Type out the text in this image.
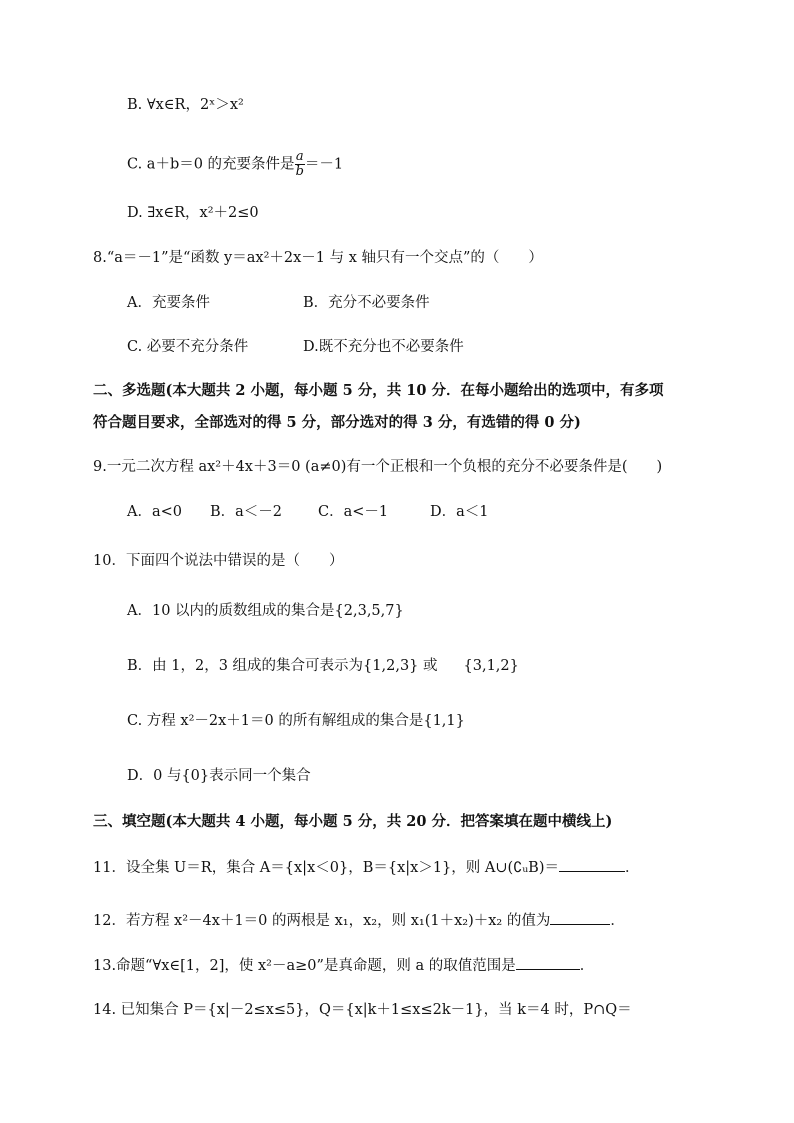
B. ∀x∈R，2ˣ＞x²
C. a＋b＝0 的充要条件是 $\frac{a}{b} =-1$
D. ∃x∈R，x²＋2≤0
8.“a＝－1”是“函数 y＝ax²＋2x－1 与 x 轴只有一个交点”的（　　）
A．充要条件	B．充分不必要条件
C. 必要不充分条件	D.既不充分也不必要条件
二、多选题(本大题共 2 小题，每小题 5 分，共 10 分．在每小题给出的选项中，有多项
符合题目要求，全部选对的得 5 分，部分选对的得 3 分，有选错的得 0 分)
9.一元二次方程 ax²＋4x＋3＝0 (a≠0)有一个正根和一个负根的充分不必要条件是(　　)
A．a<0 B．a＜－2 C．a<－1	D．a＜1
10．下面四个说法中错误的是（　　）
A．10 以内的质数组成的集合是{2,3,5,7}
B．由 1，2，3 组成的集合可表示为{1,2,3} 或 {3,1,2}
C. 方程 x²－2x＋1＝0 的所有解组成的集合是{1,1}
D．0 与{0}表示同一个集合
三、填空题(本大题共 4 小题，每小题 5 分，共 20 分．把答案填在题中横线上)
11．设全集 U＝R，集合 A＝{x|x＜0}，B＝{x|x＞1}，则 A∪(∁ᵤB)＝	．
12．若方程 x²－4x＋1＝0 的两根是 x₁，x₂，则 x₁(1＋x₂)＋x₂ 的值为	．
13.命题“∀x∈[1，2]，使 x²－a≥0”是真命题，则 a 的取值范围是	．
14. 已知集合 P＝{x|－2≤x≤5}，Q＝{x|k＋1≤x≤2k－1}，当 k＝4 时，P∩Q＝
